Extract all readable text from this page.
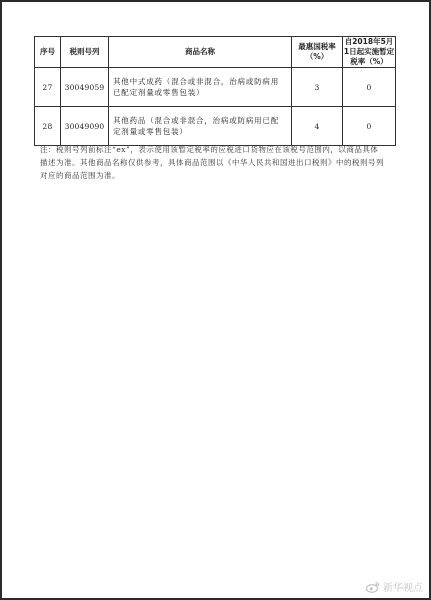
序号	税则号列	商品名称	最惠国税率（%）	自2018年5月1日起实施暂定税率（%）
27	30049059	其他中式成药（混合或非混合，治病或防病用已配定剂量或零售包装）	3	0
28	30049090	其他药品（混合或非混合，治病或防病用已配定剂量或零售包装）	4	0
注：税则号列前标注“ex”，表示使用该暂定税率的应税进口货物应在该税号范围内，以商品具体描述为准。其他商品名称仅供参考，具体商品范围以《中华人民共和国进出口税则》中的税则号列对应的商品范围为准。
新华视点
